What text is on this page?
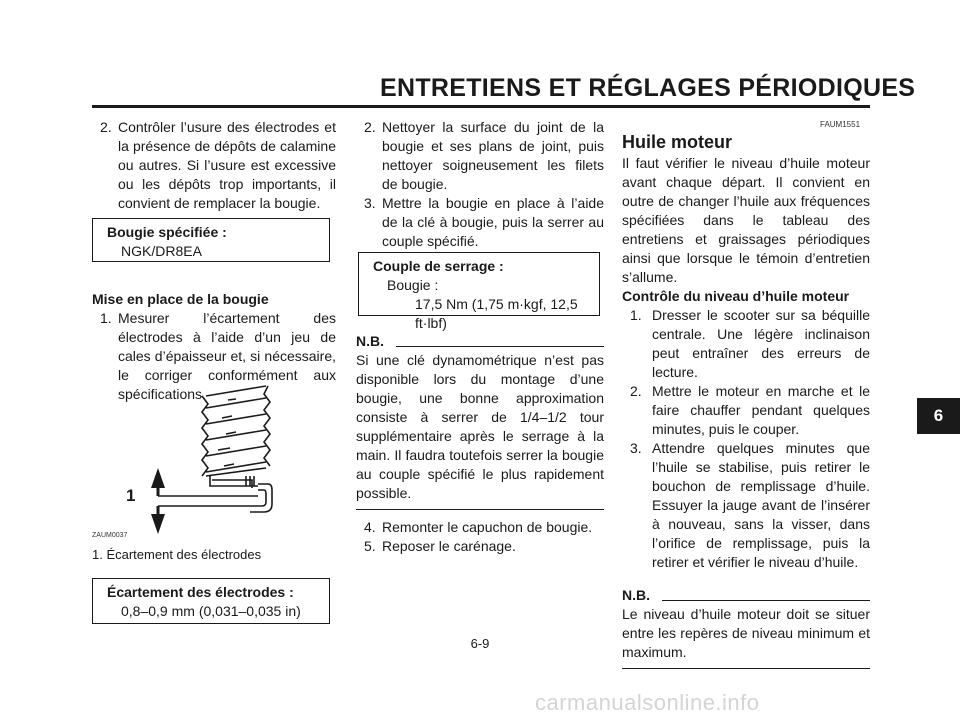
ENTRETIENS ET RÉGLAGES PÉRIODIQUES
2. Contrôler l’usure des électrodes et la présence de dépôts de calamine ou autres. Si l’usure est excessive ou les dépôts trop importants, il convient de remplacer la bougie.
Bougie spécifiée :
NGK/DR8EA
Mise en place de la bougie
1. Mesurer l’écartement des électrodes à l’aide d’un jeu de cales d’épaisseur et, si nécessaire, le corriger conformément aux spécifications.
1
ZAUM0037
1. Écartement des électrodes
Écartement des électrodes :
0,8–0,9 mm (0,031–0,035 in)
2. Nettoyer la surface du joint de la bougie et ses plans de joint, puis nettoyer soigneusement les filets de bougie.
3. Mettre la bougie en place à l’aide de la clé à bougie, puis la serrer au couple spécifié.
Couple de serrage :
Bougie :
17,5 Nm (1,75 m·kgf, 12,5 ft·lbf)
N.B.
Si une clé dynamométrique n’est pas disponible lors du montage d’une bougie, une bonne approximation consiste à serrer de 1/4–1/2 tour supplémentaire après le serrage à la main. Il faudra toutefois serrer la bougie au couple spécifié le plus rapidement possible.
4. Remonter le capuchon de bougie.
5. Reposer le carénage.
FAUM1551
Huile moteur
Il faut vérifier le niveau d’huile moteur avant chaque départ. Il convient en outre de changer l’huile aux fréquences spécifiées dans le tableau des entretiens et graissages périodiques ainsi que lorsque le témoin d’entretien s’allume.
Contrôle du niveau d’huile moteur
1. Dresser le scooter sur sa béquille centrale. Une légère inclinaison peut entraîner des erreurs de lecture.
2. Mettre le moteur en marche et le faire chauffer pendant quelques minutes, puis le couper.
3. Attendre quelques minutes que l’huile se stabilise, puis retirer le bouchon de remplissage d’huile. Essuyer la jauge avant de l’insérer à nouveau, sans la visser, dans l’orifice de remplissage, puis la retirer et vérifier le niveau d’huile.
N.B.
Le niveau d’huile moteur doit se situer entre les repères de niveau minimum et maximum.
6
6-9
carmanualsonline.info
